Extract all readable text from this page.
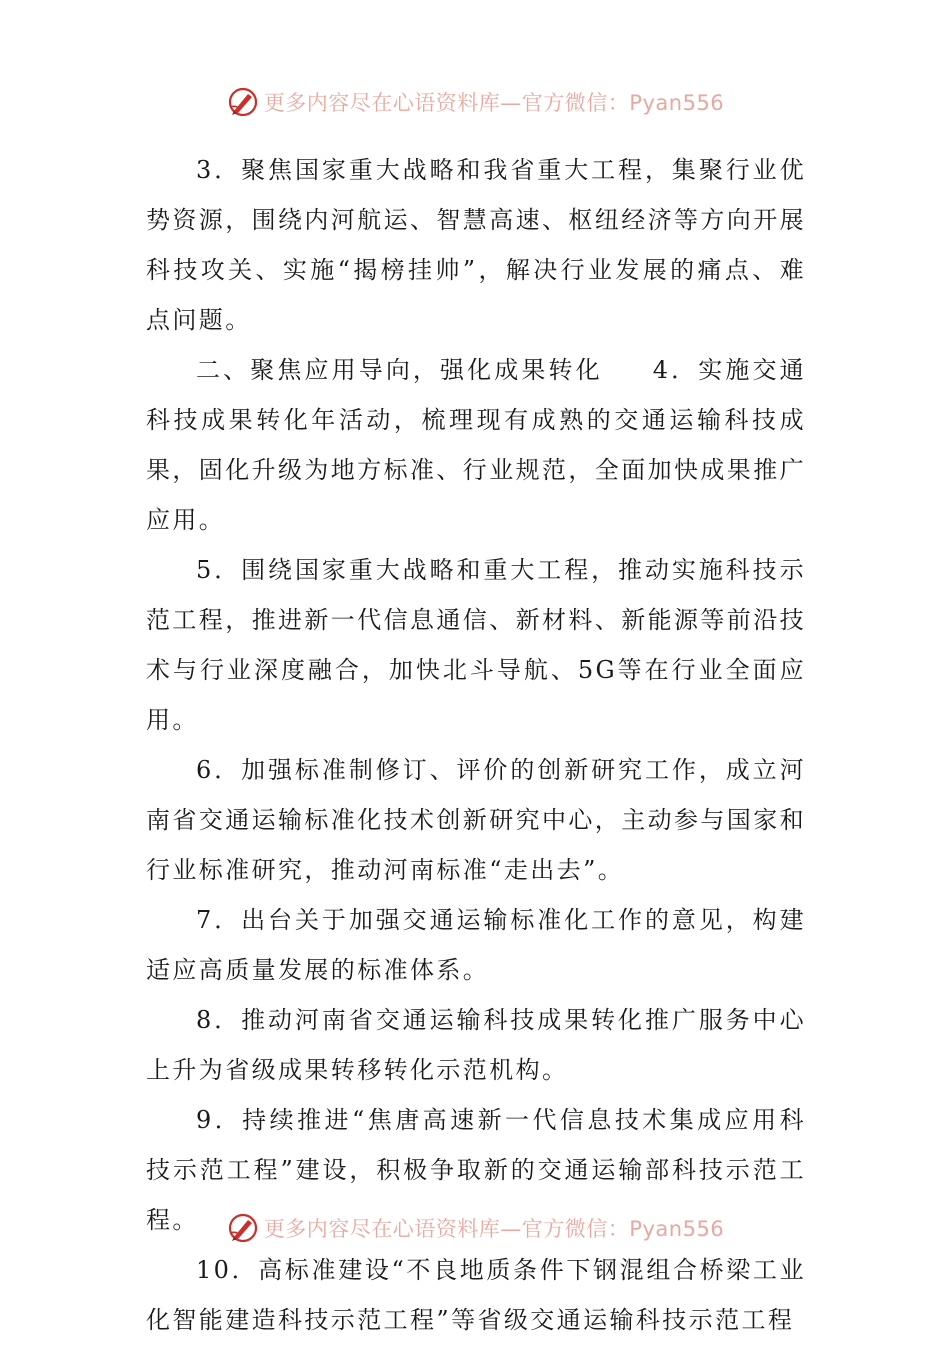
更多内容尽在心语资料库—官方微信：Pyan556

3．聚焦国家重大战略和我省重大工程，集聚行业优势资源，围绕内河航运、智慧高速、枢纽经济等方向开展科技攻关、实施“揭榜挂帅”，解决行业发展的痛点、难点问题。

二、聚焦应用导向，强化成果转化 4．实施交通科技成果转化年活动，梳理现有成熟的交通运输科技成果，固化升级为地方标准、行业规范，全面加快成果推广应用。

5．围绕国家重大战略和重大工程，推动实施科技示范工程，推进新一代信息通信、新材料、新能源等前沿技术与行业深度融合，加快北斗导航、5G等在行业全面应用。

6．加强标准制修订、评价的创新研究工作，成立河南省交通运输标准化技术创新研究中心，主动参与国家和行业标准研究，推动河南标准“走出去”。

7．出台关于加强交通运输标准化工作的意见，构建适应高质量发展的标准体系。

8．推动河南省交通运输科技成果转化推广服务中心上升为省级成果转移转化示范机构。

9．持续推进“焦唐高速新一代信息技术集成应用科技示范工程”建设，积极争取新的交通运输部科技示范工程。

10．高标准建设“不良地质条件下钢混组合桥梁工业化智能建造科技示范工程”等省级交通运输科技示范工程

更多内容尽在心语资料库—官方微信：Pyan556
